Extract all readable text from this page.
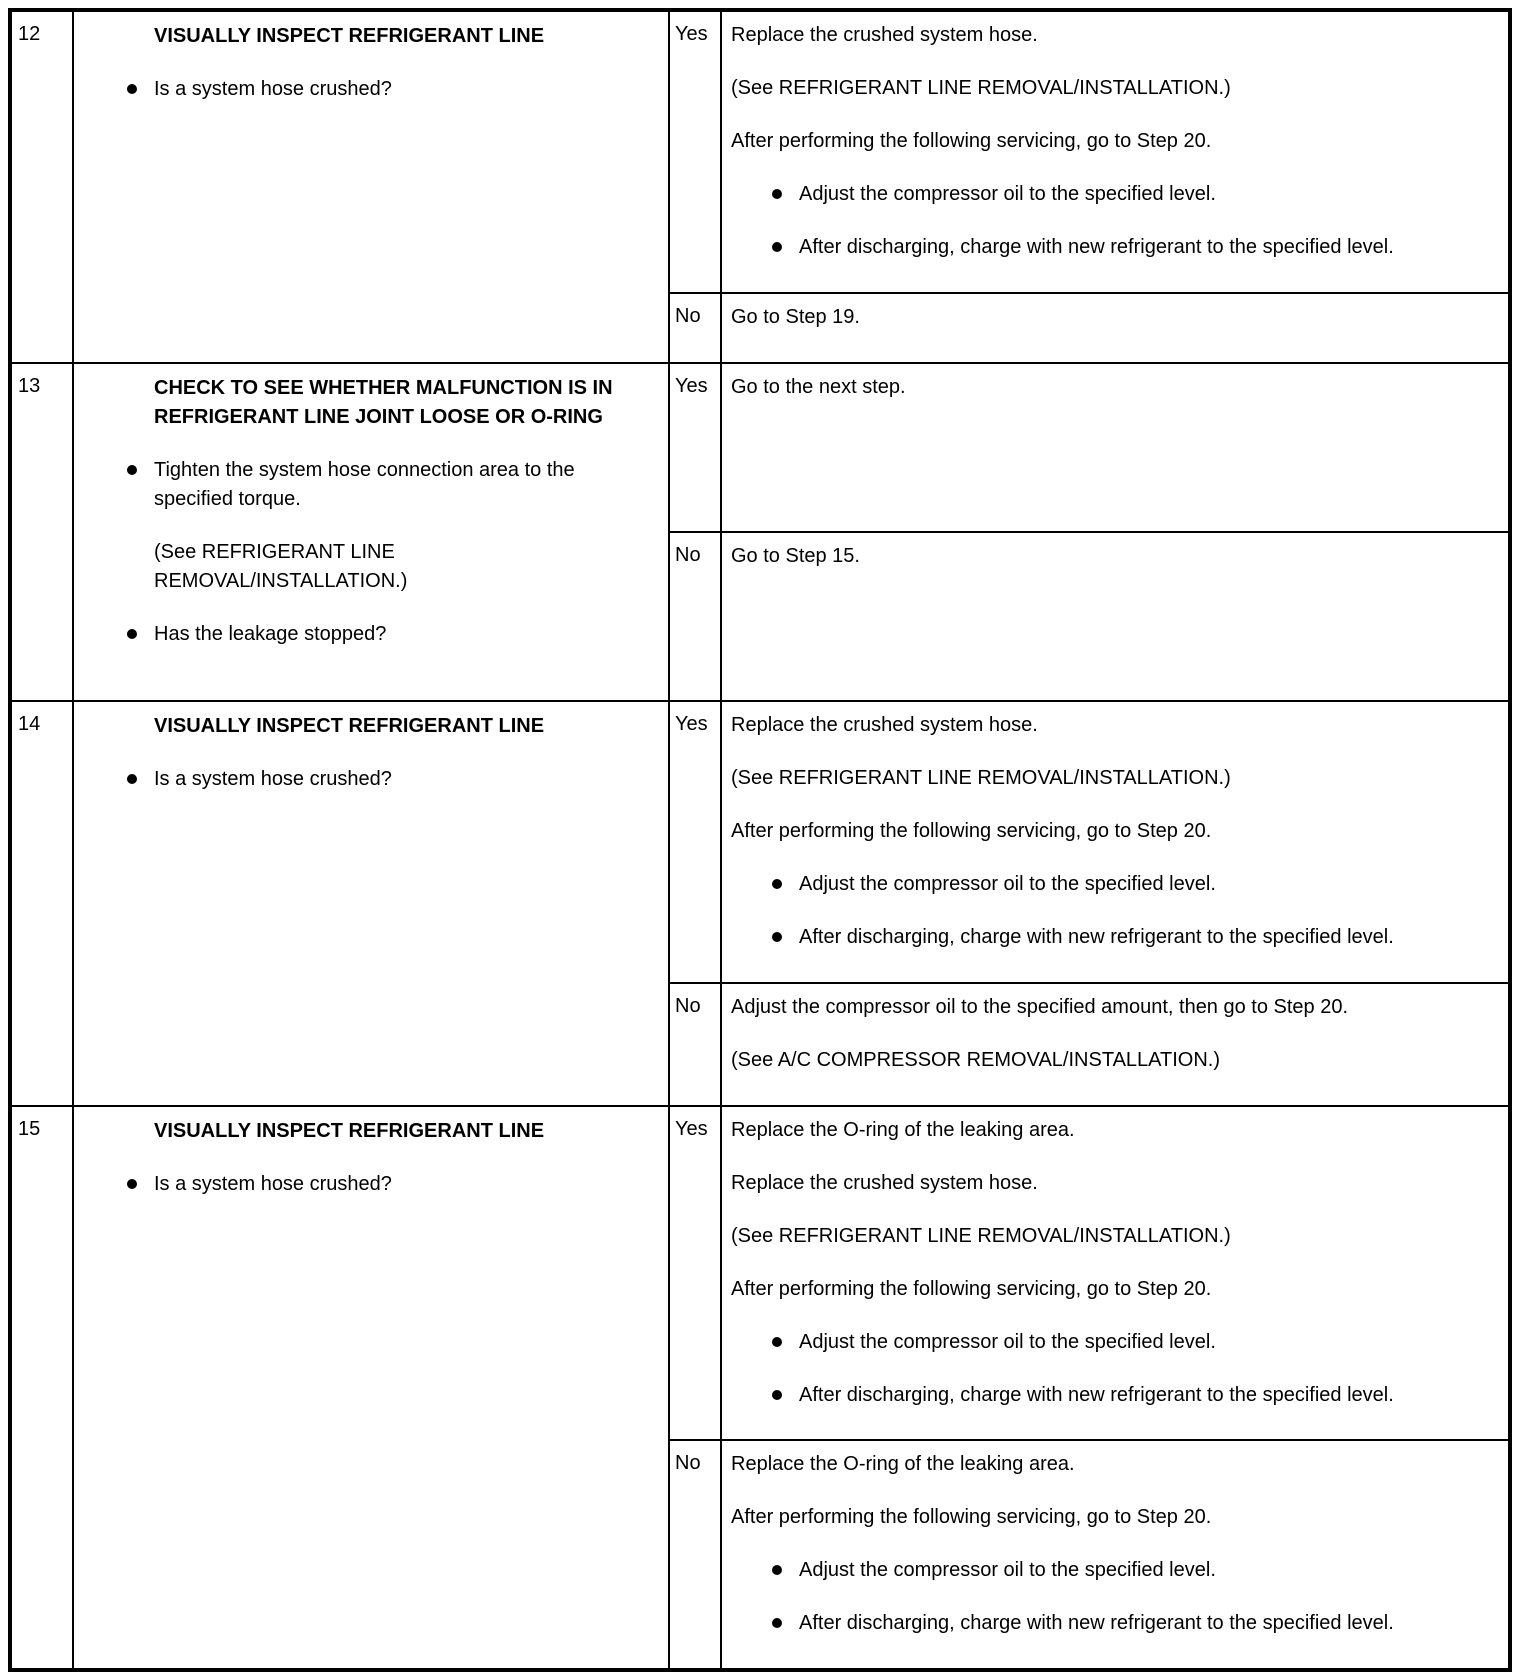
12	VISUALLY INSPECT REFRIGERANT LINE
Is a system hose crushed?
Yes	Replace the crushed system hose.

(See REFRIGERANT LINE REMOVAL/INSTALLATION.)

After performing the following servicing, go to Step 20.

Adjust the compressor oil to the specified level.
After discharging, charge with new refrigerant to the specified level.
No	Go to Step 19.

13	CHECK TO SEE WHETHER MALFUNCTION IS IN REFRIGERANT LINE JOINT LOOSE OR O-RING
Tighten the system hose connection area to the specified torque.

(See REFRIGERANT LINE REMOVAL/INSTALLATION.)

Has the leakage stopped?
Yes	Go to the next step.

No	Go to Step 15.

14	VISUALLY INSPECT REFRIGERANT LINE
Is a system hose crushed?
Yes	Replace the crushed system hose.

(See REFRIGERANT LINE REMOVAL/INSTALLATION.)

After performing the following servicing, go to Step 20.

Adjust the compressor oil to the specified level.
After discharging, charge with new refrigerant to the specified level.
No	Adjust the compressor oil to the specified amount, then go to Step 20.

(See A/C COMPRESSOR REMOVAL/INSTALLATION.)

15	VISUALLY INSPECT REFRIGERANT LINE
Is a system hose crushed?
Yes	Replace the O-ring of the leaking area.

Replace the crushed system hose.

(See REFRIGERANT LINE REMOVAL/INSTALLATION.)

After performing the following servicing, go to Step 20.

Adjust the compressor oil to the specified level.
After discharging, charge with new refrigerant to the specified level.
No	Replace the O-ring of the leaking area.

After performing the following servicing, go to Step 20.

Adjust the compressor oil to the specified level.
After discharging, charge with new refrigerant to the specified level.
